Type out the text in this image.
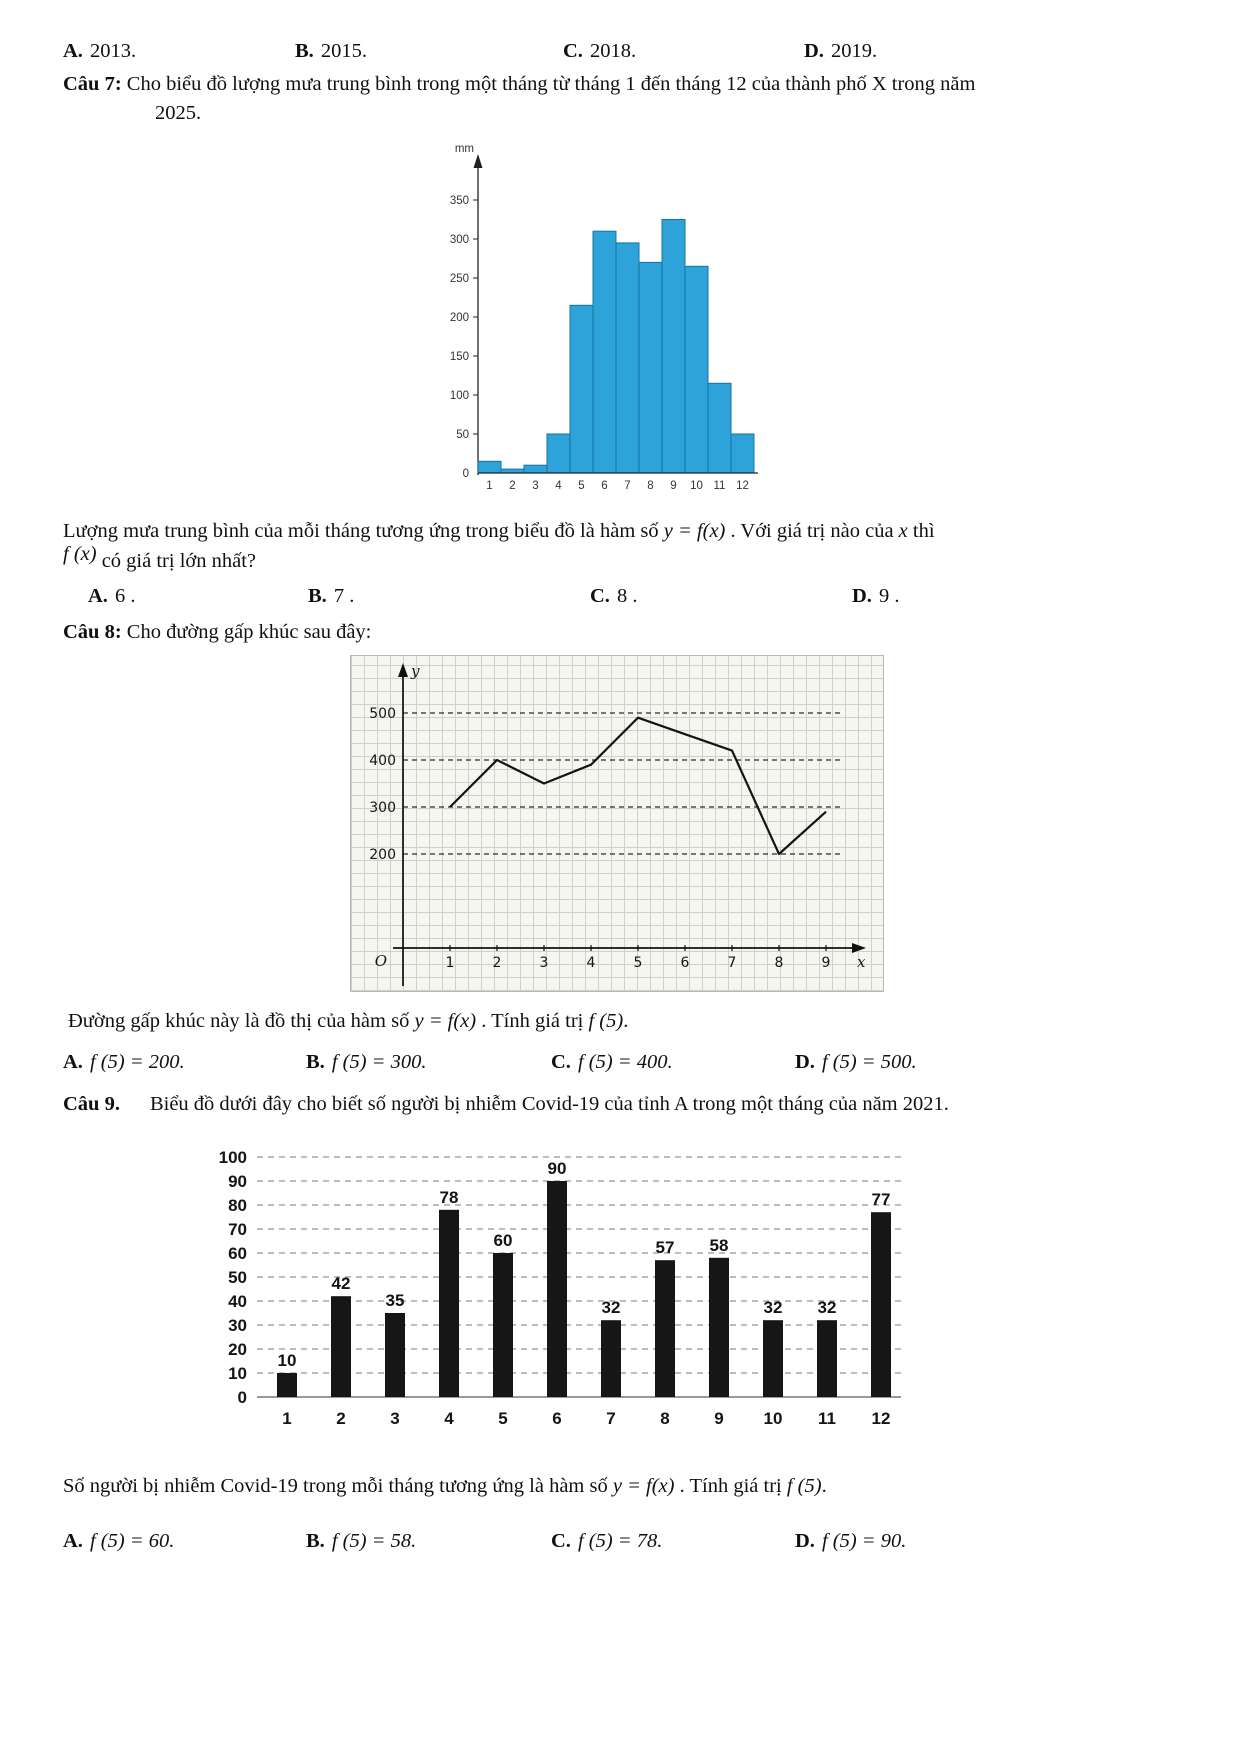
A. 2013.	B. 2015.	C. 2018.	D. 2019.

Câu 7: Cho biểu đồ lượng mưa trung bình trong một tháng từ tháng 1 đến tháng 12 của thành phố X trong năm
2025.

mm
0
50
100
150
200
250
300
350
1 2 3 4 5 6 7 8 9 10 11 12

Lượng mưa trung bình của mỗi tháng tương ứng trong biểu đồ là hàm số y = f(x) . Với giá trị nào của x thì
f (x) có giá trị lớn nhất?

A. 6 .	B. 7 .	C. 8 .	D. 9 .

Câu 8: Cho đường gấp khúc sau đây:

200
300
400
500
y
x
O	1	2	3	4	5	6	7	8	9

Đường gấp khúc này là đồ thị của hàm số y = f(x) . Tính giá trị f (5).

A. f (5) = 200.	B. f (5) = 300.	C. f (5) = 400.	D. f (5) = 500.

Câu 9. Biểu đồ dưới đây cho biết số người bị nhiễm Covid-19 của tỉnh A trong một tháng của năm 2021.

0
10
20
30
40
50
60
70
80
90
100
10
1
42
2
35
3
78
4
60
5
90
6
32
7
57
8
58
9
32
10
32
11
77
12

Số người bị nhiễm Covid-19 trong mỗi tháng tương ứng là hàm số y = f(x) . Tính giá trị f (5).

A. f (5) = 60.	B. f (5) = 58.	C. f (5) = 78.	D. f (5) = 90.
